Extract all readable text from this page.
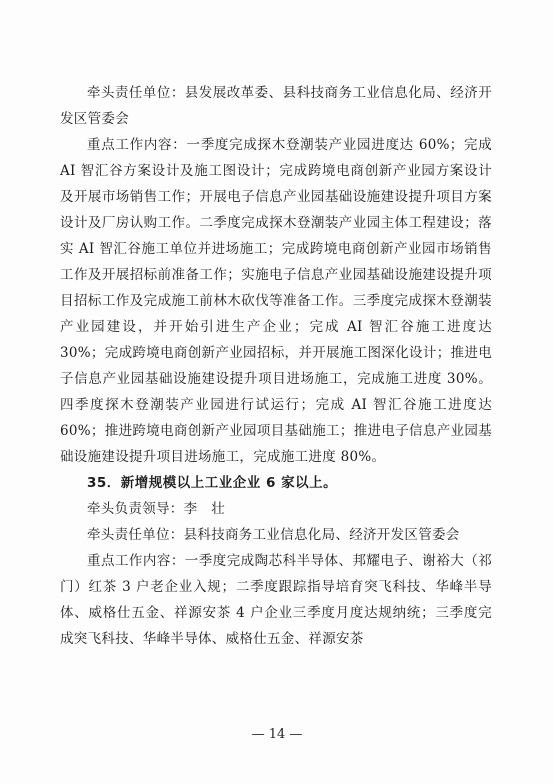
牵头责任单位：县发展改革委、县科技商务工业信息化局、经济开发区管委会

重点工作内容：一季度完成探木登潮装产业园进度达 60%；完成 AI 智汇谷方案设计及施工图设计；完成跨境电商创新产业园方案设计及开展市场销售工作；开展电子信息产业园基础设施建设提升项目方案设计及厂房认购工作。二季度完成探木登潮装产业园主体工程建设；落实 AI 智汇谷施工单位并进场施工；完成跨境电商创新产业园市场销售工作及开展招标前准备工作；实施电子信息产业园基础设施建设提升项目招标工作及完成施工前林木砍伐等准备工作。三季度完成探木登潮装产业园建设，并开始引进生产企业；完成 AI 智汇谷施工进度达 30%；完成跨境电商创新产业园招标，并开展施工图深化设计；推进电子信息产业园基础设施建设提升项目进场施工，完成施工进度 30%。四季度探木登潮装产业园进行试运行；完成 AI 智汇谷施工进度达 60%；推进跨境电商创新产业园项目基础施工；推进电子信息产业园基础设施建设提升项目进场施工，完成施工进度 80%。

35．新增规模以上工业企业 6 家以上。

牵头负责领导：李　壮

牵头责任单位：县科技商务工业信息化局、经济开发区管委会

重点工作内容：一季度完成陶芯科半导体、邦耀电子、谢裕大（祁门）红茶 3 户老企业入规；二季度跟踪指导培育突飞科技、华峰半导体、威格仕五金、祥源安茶 4 户企业三季度月度达规纳统；三季度完成突飞科技、华峰半导体、威格仕五金、祥源安茶

— 14 —
